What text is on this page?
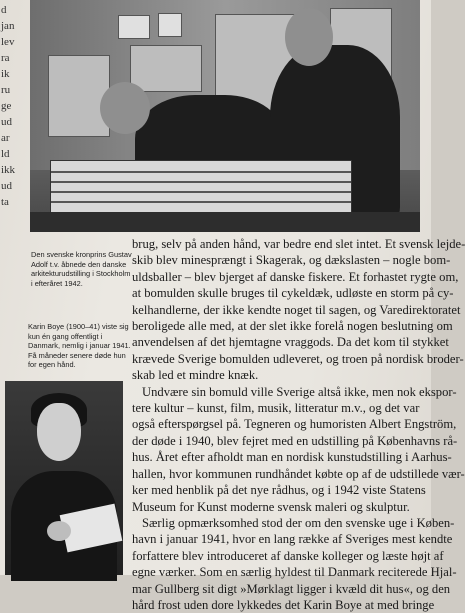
d
jan
lev
ra
ik
ru
ge
ud
ar
ld
ikk
ud
ta
Den svenske kronprins Gustav
Adolf t.v. åbnede den danske
arkitekturudstilling i Stockholm
i efteråret 1942.
Karin Boye (1900–41) viste sig
kun én gang offentligt i
Danmark, nemlig i januar 1941.
Få måneder senere døde hun
for egen hånd.
brug, selv på anden hånd, var bedre end slet intet. Et svensk lejde-
skib blev minesprængt i Skagerak, og dækslasten – nogle bom-
uldsballer – blev bjerget af danske fiskere. Et forhastet rygte om,
at bomulden skulle bruges til cykeldæk, udløste en storm på cy-
kelhandlerne, der ikke kendte noget til sagen, og Varedirektoratet
beroligede alle med, at der slet ikke forelå nogen beslutning om
anvendelsen af det hjemtagne vraggods. Da det kom til stykket
krævede Sverige bomulden udleveret, og troen på nordisk broder-
skab led et mindre knæk.
Undvære sin bomuld ville Sverige altså ikke, men nok ekspor-
tere kultur – kunst, film, musik, litteratur m.v., og det var
også efterspørgsel på. Tegneren og humoristen Albert Engström,
der døde i 1940, blev fejret med en udstilling på Københavns rå-
hus. Året efter afholdt man en nordisk kunstudstilling i Aarhus-
hallen, hvor kommunen rundhåndet købte op af de udstillede vær-
ker med henblik på det nye rådhus, og i 1942 viste Statens
Museum for Kunst moderne svensk maleri og skulptur.
Særlig opmærksomhed stod der om den svenske uge i Køben-
havn i januar 1941, hvor en lang række af Sveriges mest kendte
forfattere blev introduceret af danske kolleger og læste højt af
egne værker. Som en særlig hyldest til Danmark reciterede Hjal-
mar Gullberg sit digt »Mørklagt ligger i kvæld dit hus«, og den
hård frost uden dore lykkedes det Karin Boye at med bringe
